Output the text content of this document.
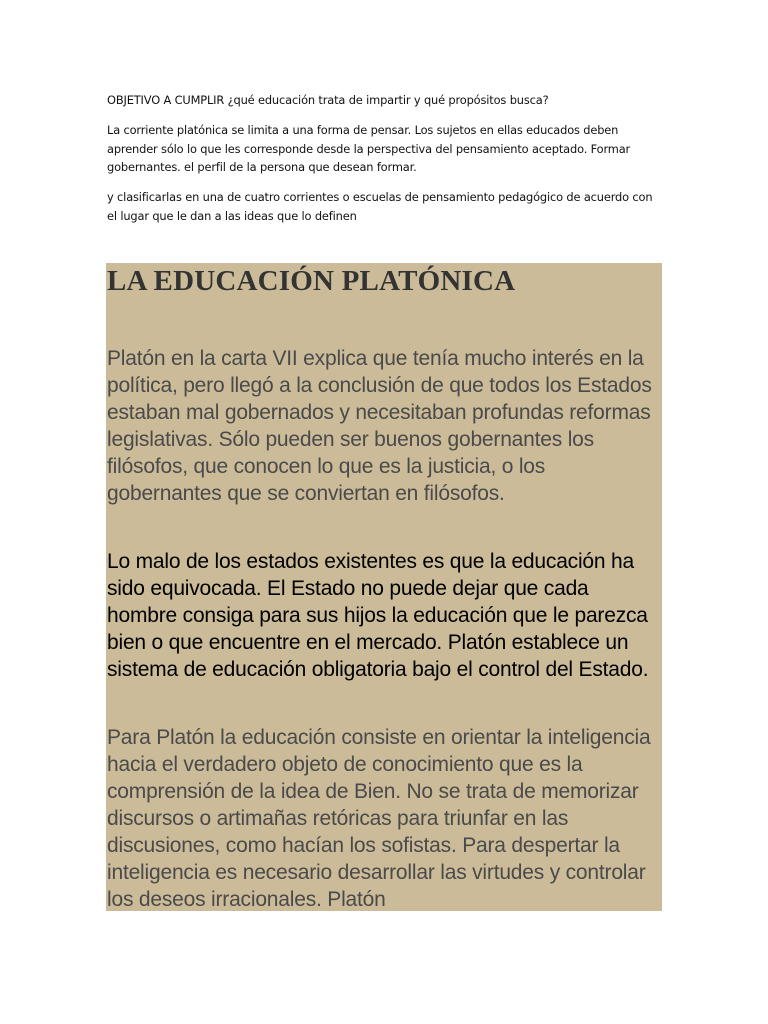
OBJETIVO A CUMPLIR ¿qué educación trata de impartir y qué propósitos busca?

La corriente platónica se limita a una forma de pensar. Los sujetos en ellas educados deben aprender sólo lo que les corresponde desde la perspectiva del pensamiento aceptado. Formar gobernantes. el perfil de la persona que desean formar.

y clasificarlas en una de cuatro corrientes o escuelas de pensamiento pedagógico de acuerdo con el lugar que le dan a las ideas que lo definen

LA EDUCACIÓN PLATÓNICA

Platón en la carta VII explica que tenía mucho interés en la política, pero llegó a la conclusión de que todos los Estados estaban mal gobernados y necesitaban profundas reformas legislativas. Sólo pueden ser buenos gobernantes los filósofos, que conocen lo que es la justicia, o los gobernantes que se conviertan en filósofos.

Lo malo de los estados existentes es que la educación ha sido equivocada. El Estado no puede dejar que cada hombre consiga para sus hijos la educación que le parezca bien o que encuentre en el mercado. Platón establece un sistema de educación obligatoria bajo el control del Estado.

Para Platón la educación consiste en orientar la inteligencia hacia el verdadero objeto de conocimiento que es la comprensión de la idea de Bien. No se trata de memorizar discursos o artimañas retóricas para triunfar en las discusiones, como hacían los sofistas. Para despertar la inteligencia es necesario desarrollar las virtudes y controlar los deseos irracionales. Platón
